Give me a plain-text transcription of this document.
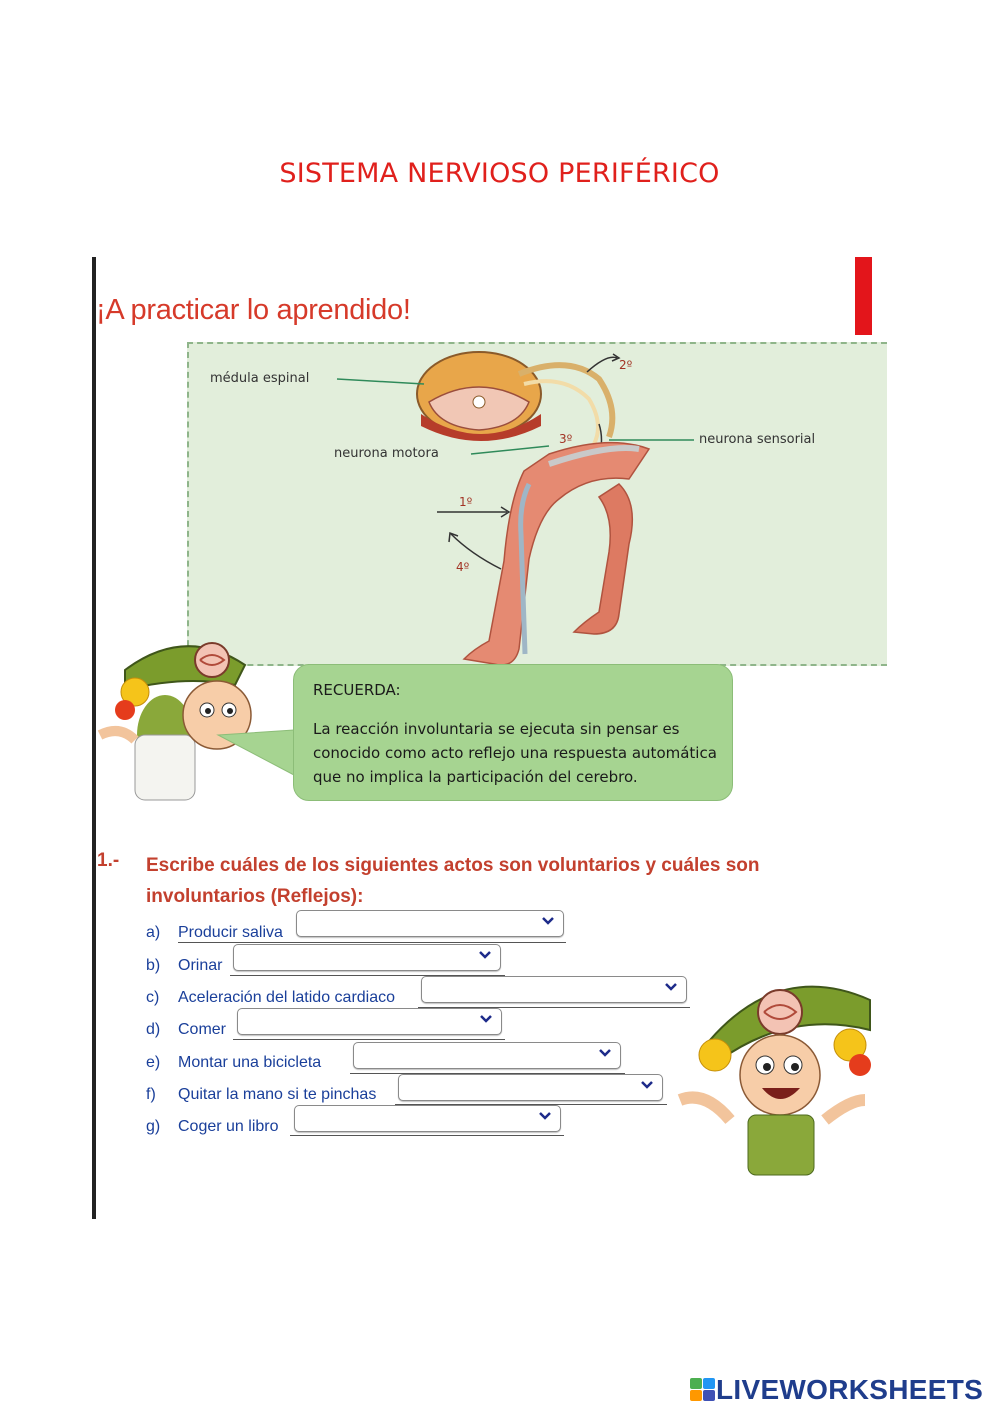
SISTEMA NERVIOSO PERIFÉRICO
¡A practicar lo aprendido!
médula espinal
neurona motora
neurona sensorial
1º
2º
3º
4º
RECUERDA:
La reacción involuntaria se ejecuta sin pensar es conocido como acto reflejo una respuesta automática que no implica la participación del cerebro.
1.- Escribe cuáles de los siguientes actos son voluntarios y cuáles son involuntarios (Reflejos):
a) Producir saliva
b) Orinar
c) Aceleración del latido cardiaco
d) Comer
e) Montar una bicicleta
f) Quitar la mano si te pinchas
g) Coger un libro
LIVEWORKSHEETS
